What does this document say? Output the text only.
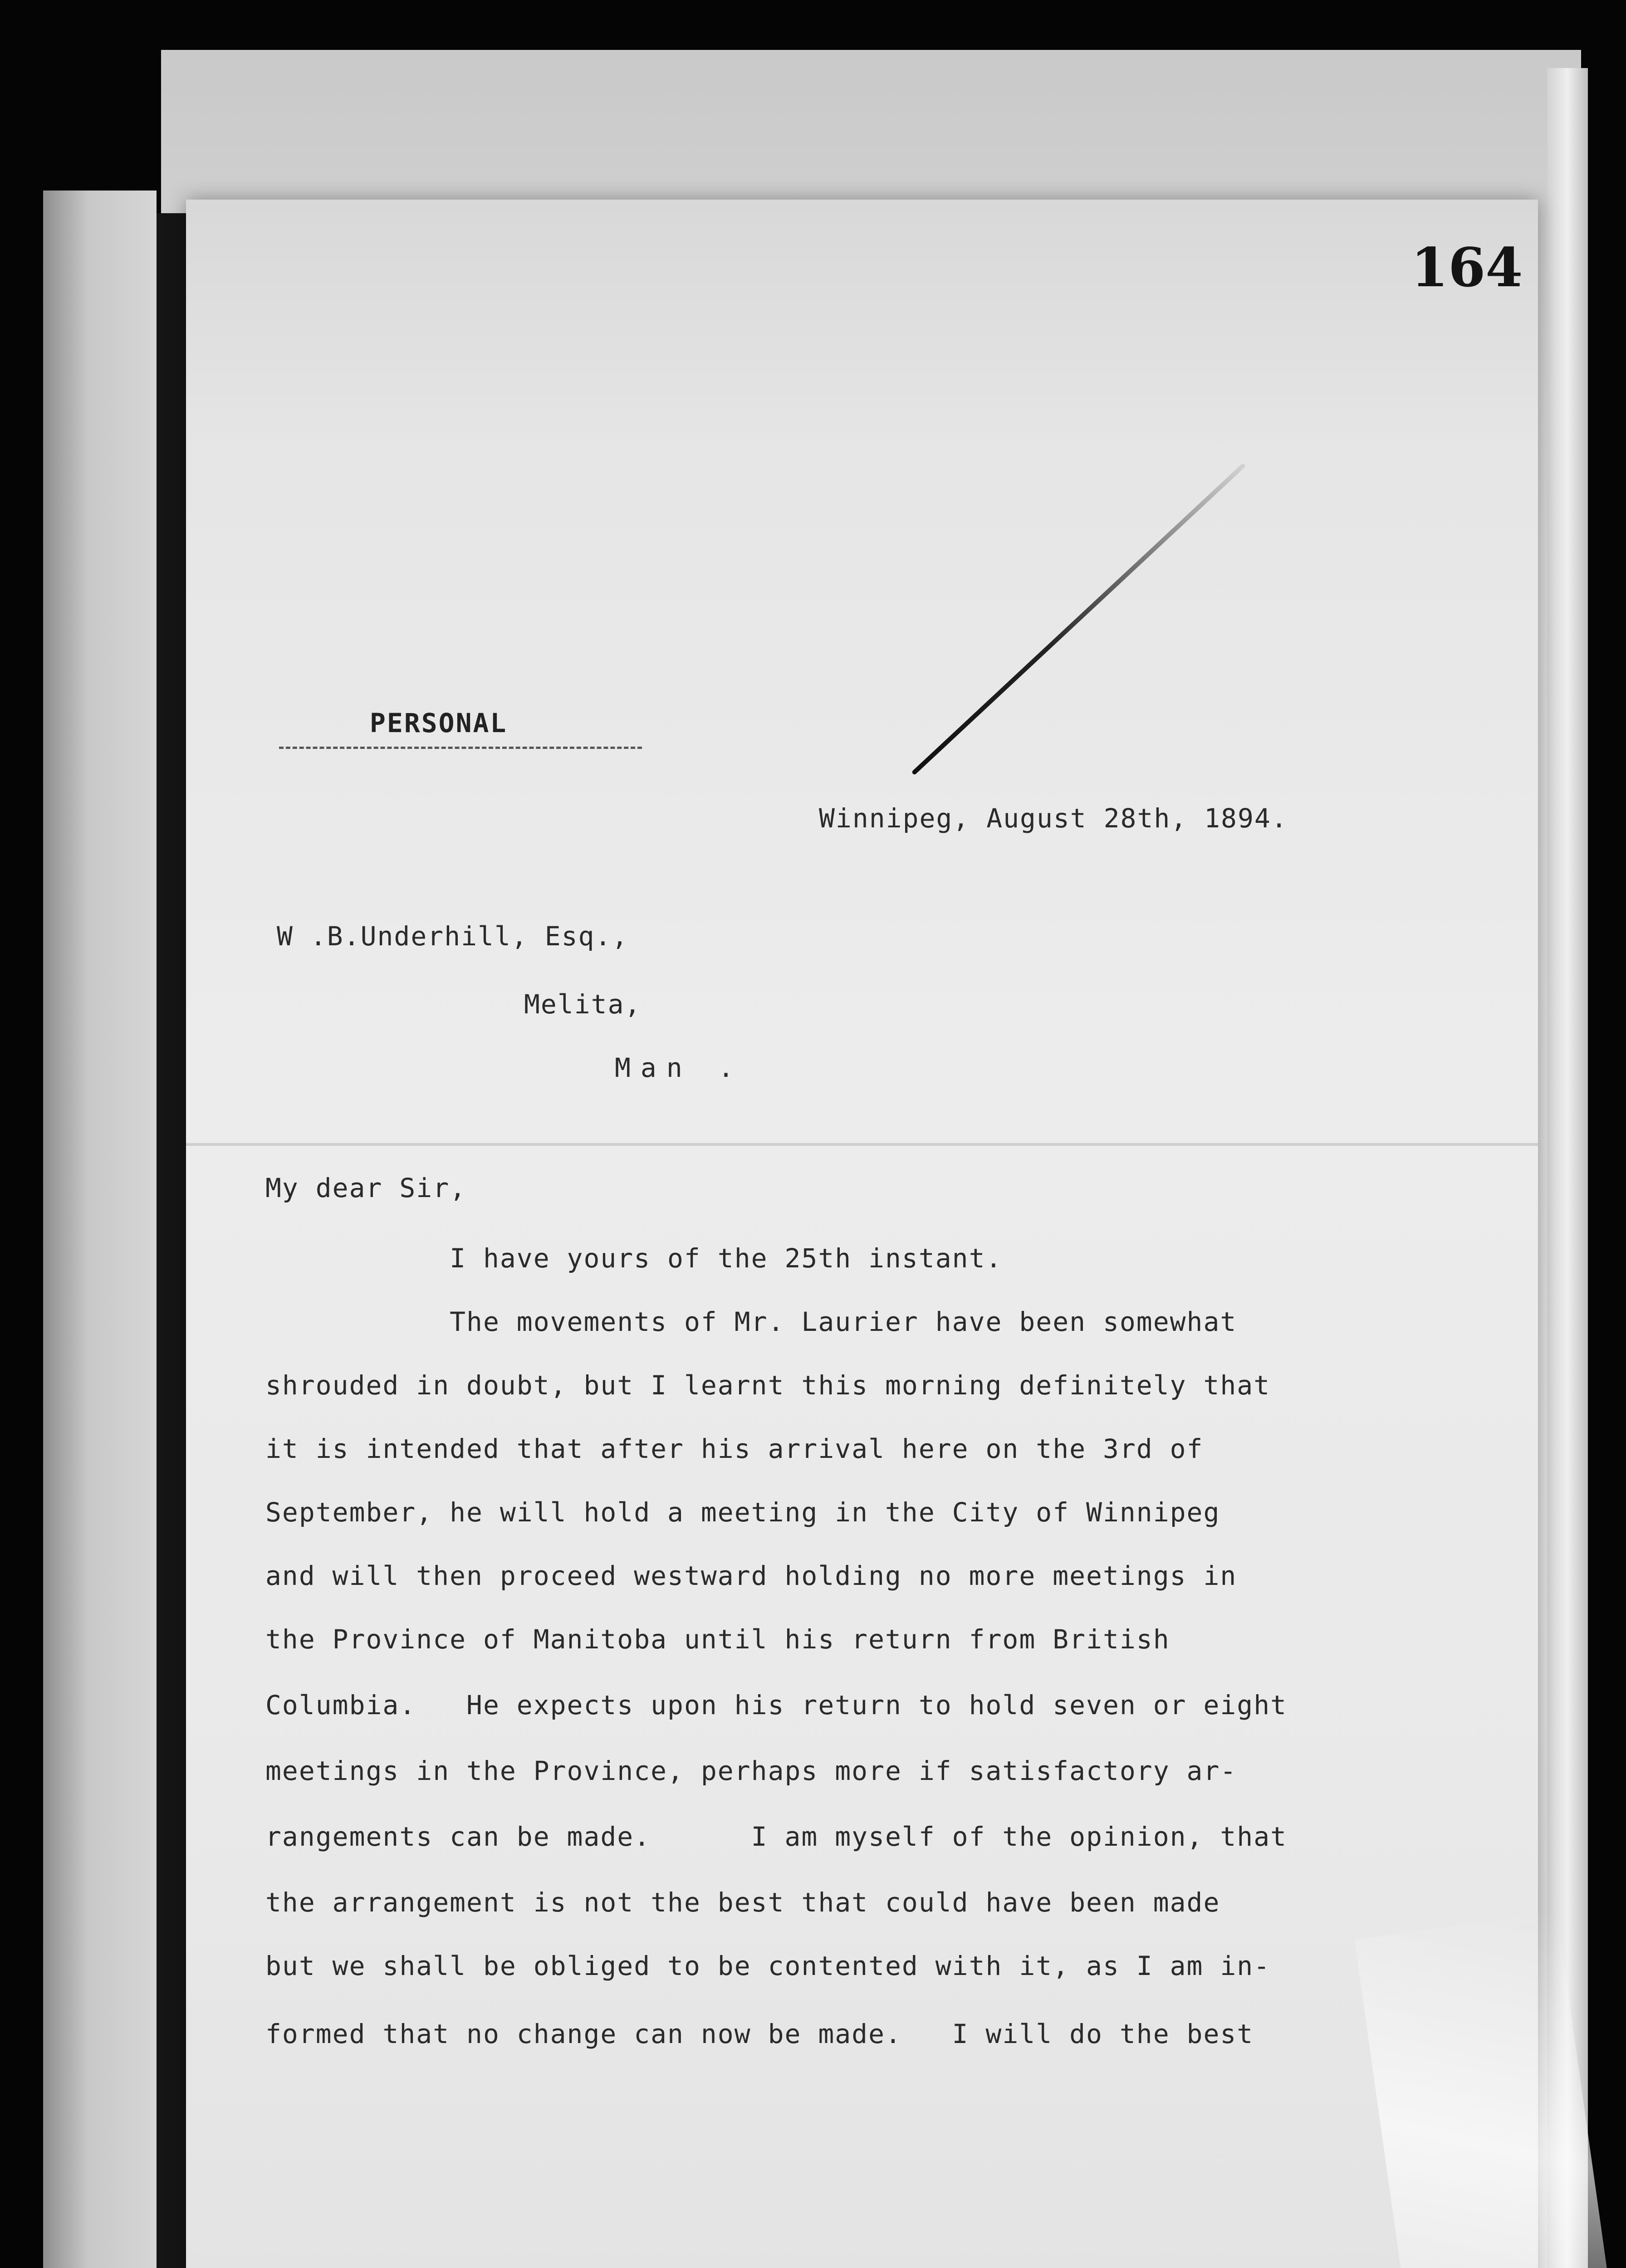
164

PERSONAL

Winnipeg, August 28th, 1894.

W .B.Underhill, Esq.,

Melita,

Man .

My dear Sir,

I have yours of the 25th instant.

The movements of Mr. Laurier have been somewhat

shrouded in doubt, but I learnt this morning definitely that

it is intended that after his arrival here on the 3rd of

September, he will hold a meeting in the City of Winnipeg

and will then proceed westward holding no more meetings in

the Province of Manitoba until his return from British

Columbia.   He expects upon his return to hold seven or eight

meetings in the Province, perhaps more if satisfactory ar-

rangements can be made.      I am myself of the opinion, that

the arrangement is not the best that could have been made

but we shall be obliged to be contented with it, as I am in-

formed that no change can now be made.   I will do the best
